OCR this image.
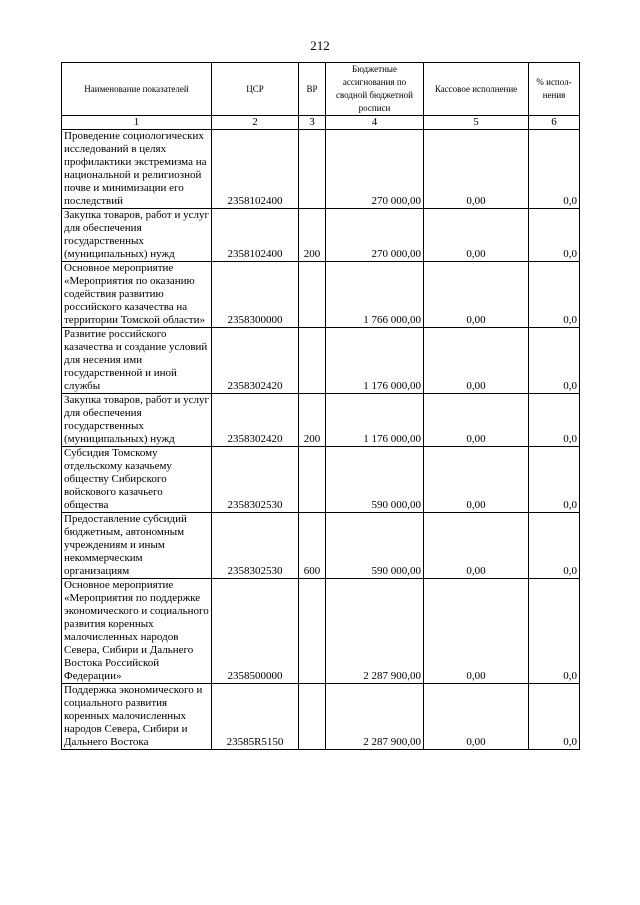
212
Наименование показателей	ЦСР	ВР	Бюджетные ассигнования по сводной бюджетной росписи	Кассовое исполнение	% испол- нения
1	2	3	4	5	6
Проведение социологических исследований в целях профилактики экстремизма на национальной и религиозной почве и минимизации его последствий	2358102400		270 000,00	0,00	0,0
Закупка товаров, работ и услуг для обеспечения государственных (муниципальных) нужд	2358102400	200	270 000,00	0,00	0,0
Основное мероприятие «Мероприятия по оказанию содействия развитию российского казачества на территории Томской области»	2358300000		1 766 000,00	0,00	0,0
Развитие российского казачества и создание условий для несения ими государственной и иной службы	2358302420		1 176 000,00	0,00	0,0
Закупка товаров, работ и услуг для обеспечения государственных (муниципальных) нужд	2358302420	200	1 176 000,00	0,00	0,0
Субсидия Томскому отдельскому казачьему обществу Сибирского войскового казачьего общества	2358302530		590 000,00	0,00	0,0
Предоставление субсидий бюджетным, автономным учреждениям и иным некоммерческим организациям	2358302530	600	590 000,00	0,00	0,0
Основное мероприятие «Мероприятия по поддержке экономического и социального развития коренных малочисленных народов Севера, Сибири и Дальнего Востока Российской Федерации»	2358500000		2 287 900,00	0,00	0,0
Поддержка экономического и социального развития коренных малочисленных народов Севера, Сибири и Дальнего Востока	23585R5150		2 287 900,00	0,00	0,0
